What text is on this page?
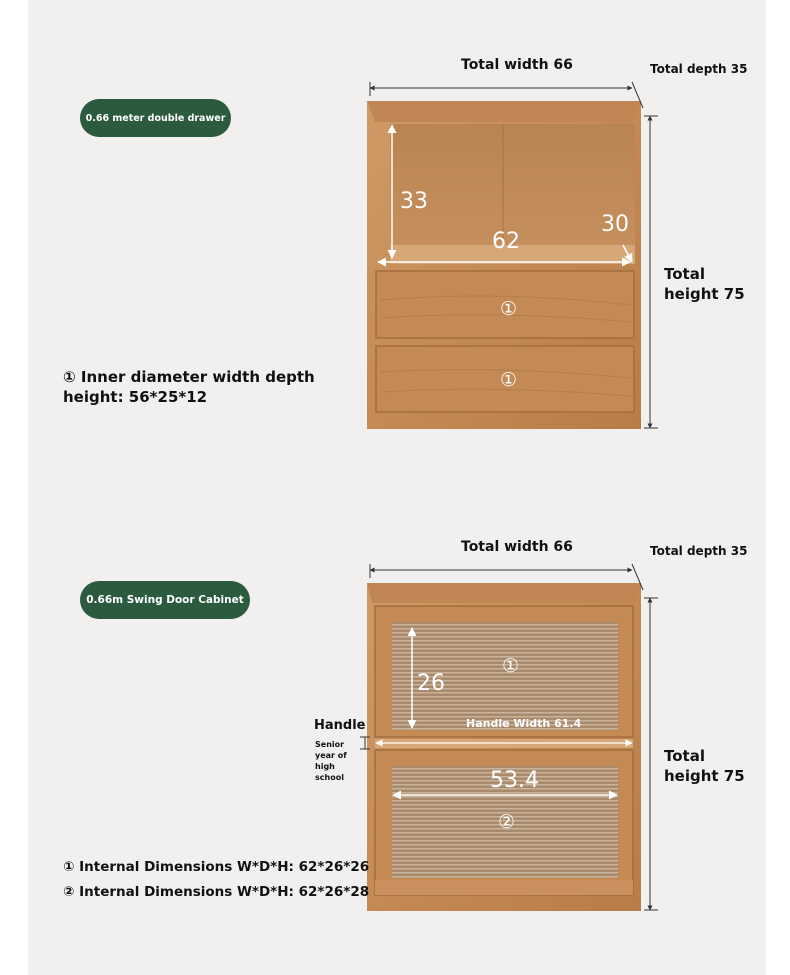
0.66 meter double drawer
Total width 66	Total depth 35
Total
height 75
33
62
30
①
①
① Inner diameter width depth
height: 56*25*12
0.66m Swing Door Cabinet
Total width 66	Total depth 35
Total
height 75
26
53.4
Handle Width 61.4
①
②
Handle
Senior
year of
high
school
① Internal Dimensions W*D*H: 62*26*26
② Internal Dimensions W*D*H: 62*26*28
